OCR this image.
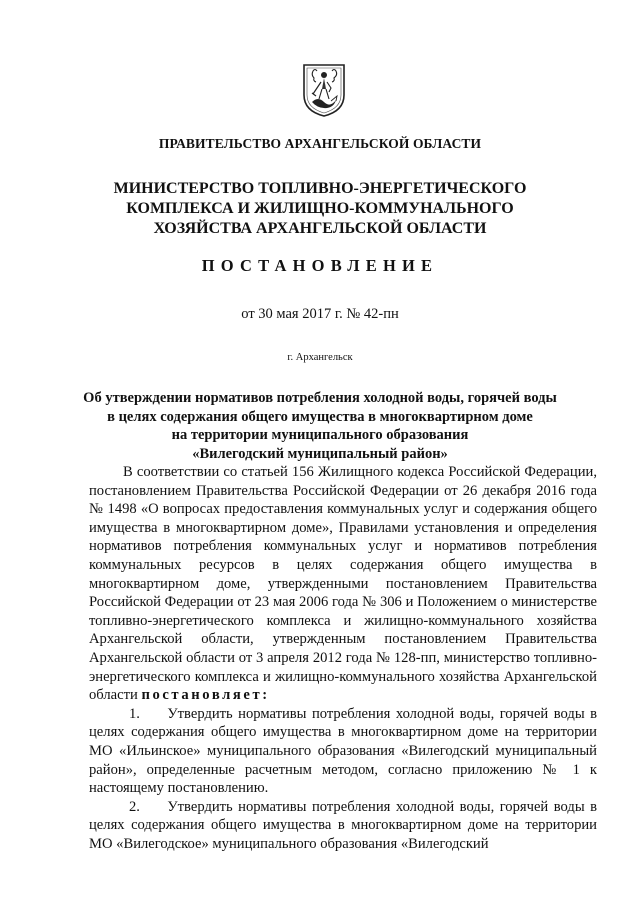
ПРАВИТЕЛЬСТВО АРХАНГЕЛЬСКОЙ ОБЛАСТИ
МИНИСТЕРСТВО ТОПЛИВНО-ЭНЕРГЕТИЧЕСКОГО
КОМПЛЕКСА И ЖИЛИЩНО-КОММУНАЛЬНОГО
ХОЗЯЙСТВА АРХАНГЕЛЬСКОЙ ОБЛАСТИ
ПОСТАНОВЛЕНИЕ
от 30 мая 2017 г. № 42-пн
г. Архангельск
Об утверждении нормативов потребления холодной воды, горячей воды
в целях содержания общего имущества в многоквартирном доме
на территории муниципального образования
«Вилегодский муниципальный район»

В соответствии со статьей 156 Жилищного кодекса Российской Федерации, постановлением Правительства Российской Федерации от 26 декабря 2016 года № 1498 «О вопросах предоставления коммунальных услуг и содержания общего имущества в многоквартирном доме», Правилами установления и определения нормативов потребления коммунальных услуг и нормативов потребления коммунальных ресурсов в целях содержания общего имущества в многоквартирном доме, утвержденными постановлением Правительства Российской Федерации от 23 мая 2006 года № 306 и Положением о министерстве топливно-энергетического комплекса и жилищно-коммунального хозяйства Архангельской области, утвержденным постановлением Правительства Архангельской области от 3 апреля 2012 года № 128-пп, министерство топливно-энергетического комплекса и жилищно-коммунального хозяйства Архангельской области постановляет:

1. Утвердить нормативы потребления холодной воды, горячей воды в целях содержания общего имущества в многоквартирном доме на территории МО «Ильинское» муниципального образования «Вилегодский муниципальный район», определенные расчетным методом, согласно приложению № 1 к настоящему постановлению.

2. Утвердить нормативы потребления холодной воды, горячей воды в целях содержания общего имущества в многоквартирном доме на территории МО «Вилегодское» муниципального образования «Вилегодский
